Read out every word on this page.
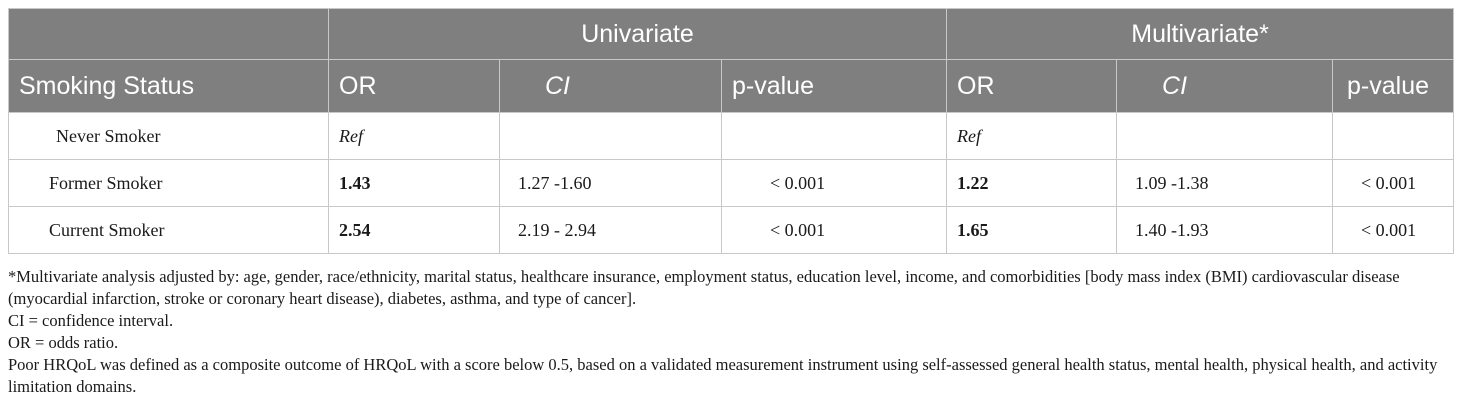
	Univariate			Multivariate*		
Smoking Status	OR	CI	p-value	OR	CI	p-value
Never Smoker	Ref			Ref		
Former Smoker	1.43	1.27 -1.60	< 0.001	1.22	1.09 -1.38	< 0.001
Current Smoker	2.54	2.19 - 2.94	< 0.001	1.65	1.40 -1.93	< 0.001

*Multivariate analysis adjusted by: age, gender, race/ethnicity, marital status, healthcare insurance, employment status, education level, income, and comorbidities [body mass index (BMI) cardiovascular disease (myocardial infarction, stroke or coronary heart disease), diabetes, asthma, and type of cancer].

CI = confidence interval.

OR = odds ratio.

Poor HRQoL was defined as a composite outcome of HRQoL with a score below 0.5, based on a validated measurement instrument using self-assessed general health status, mental health, physical health, and activity limitation domains.
